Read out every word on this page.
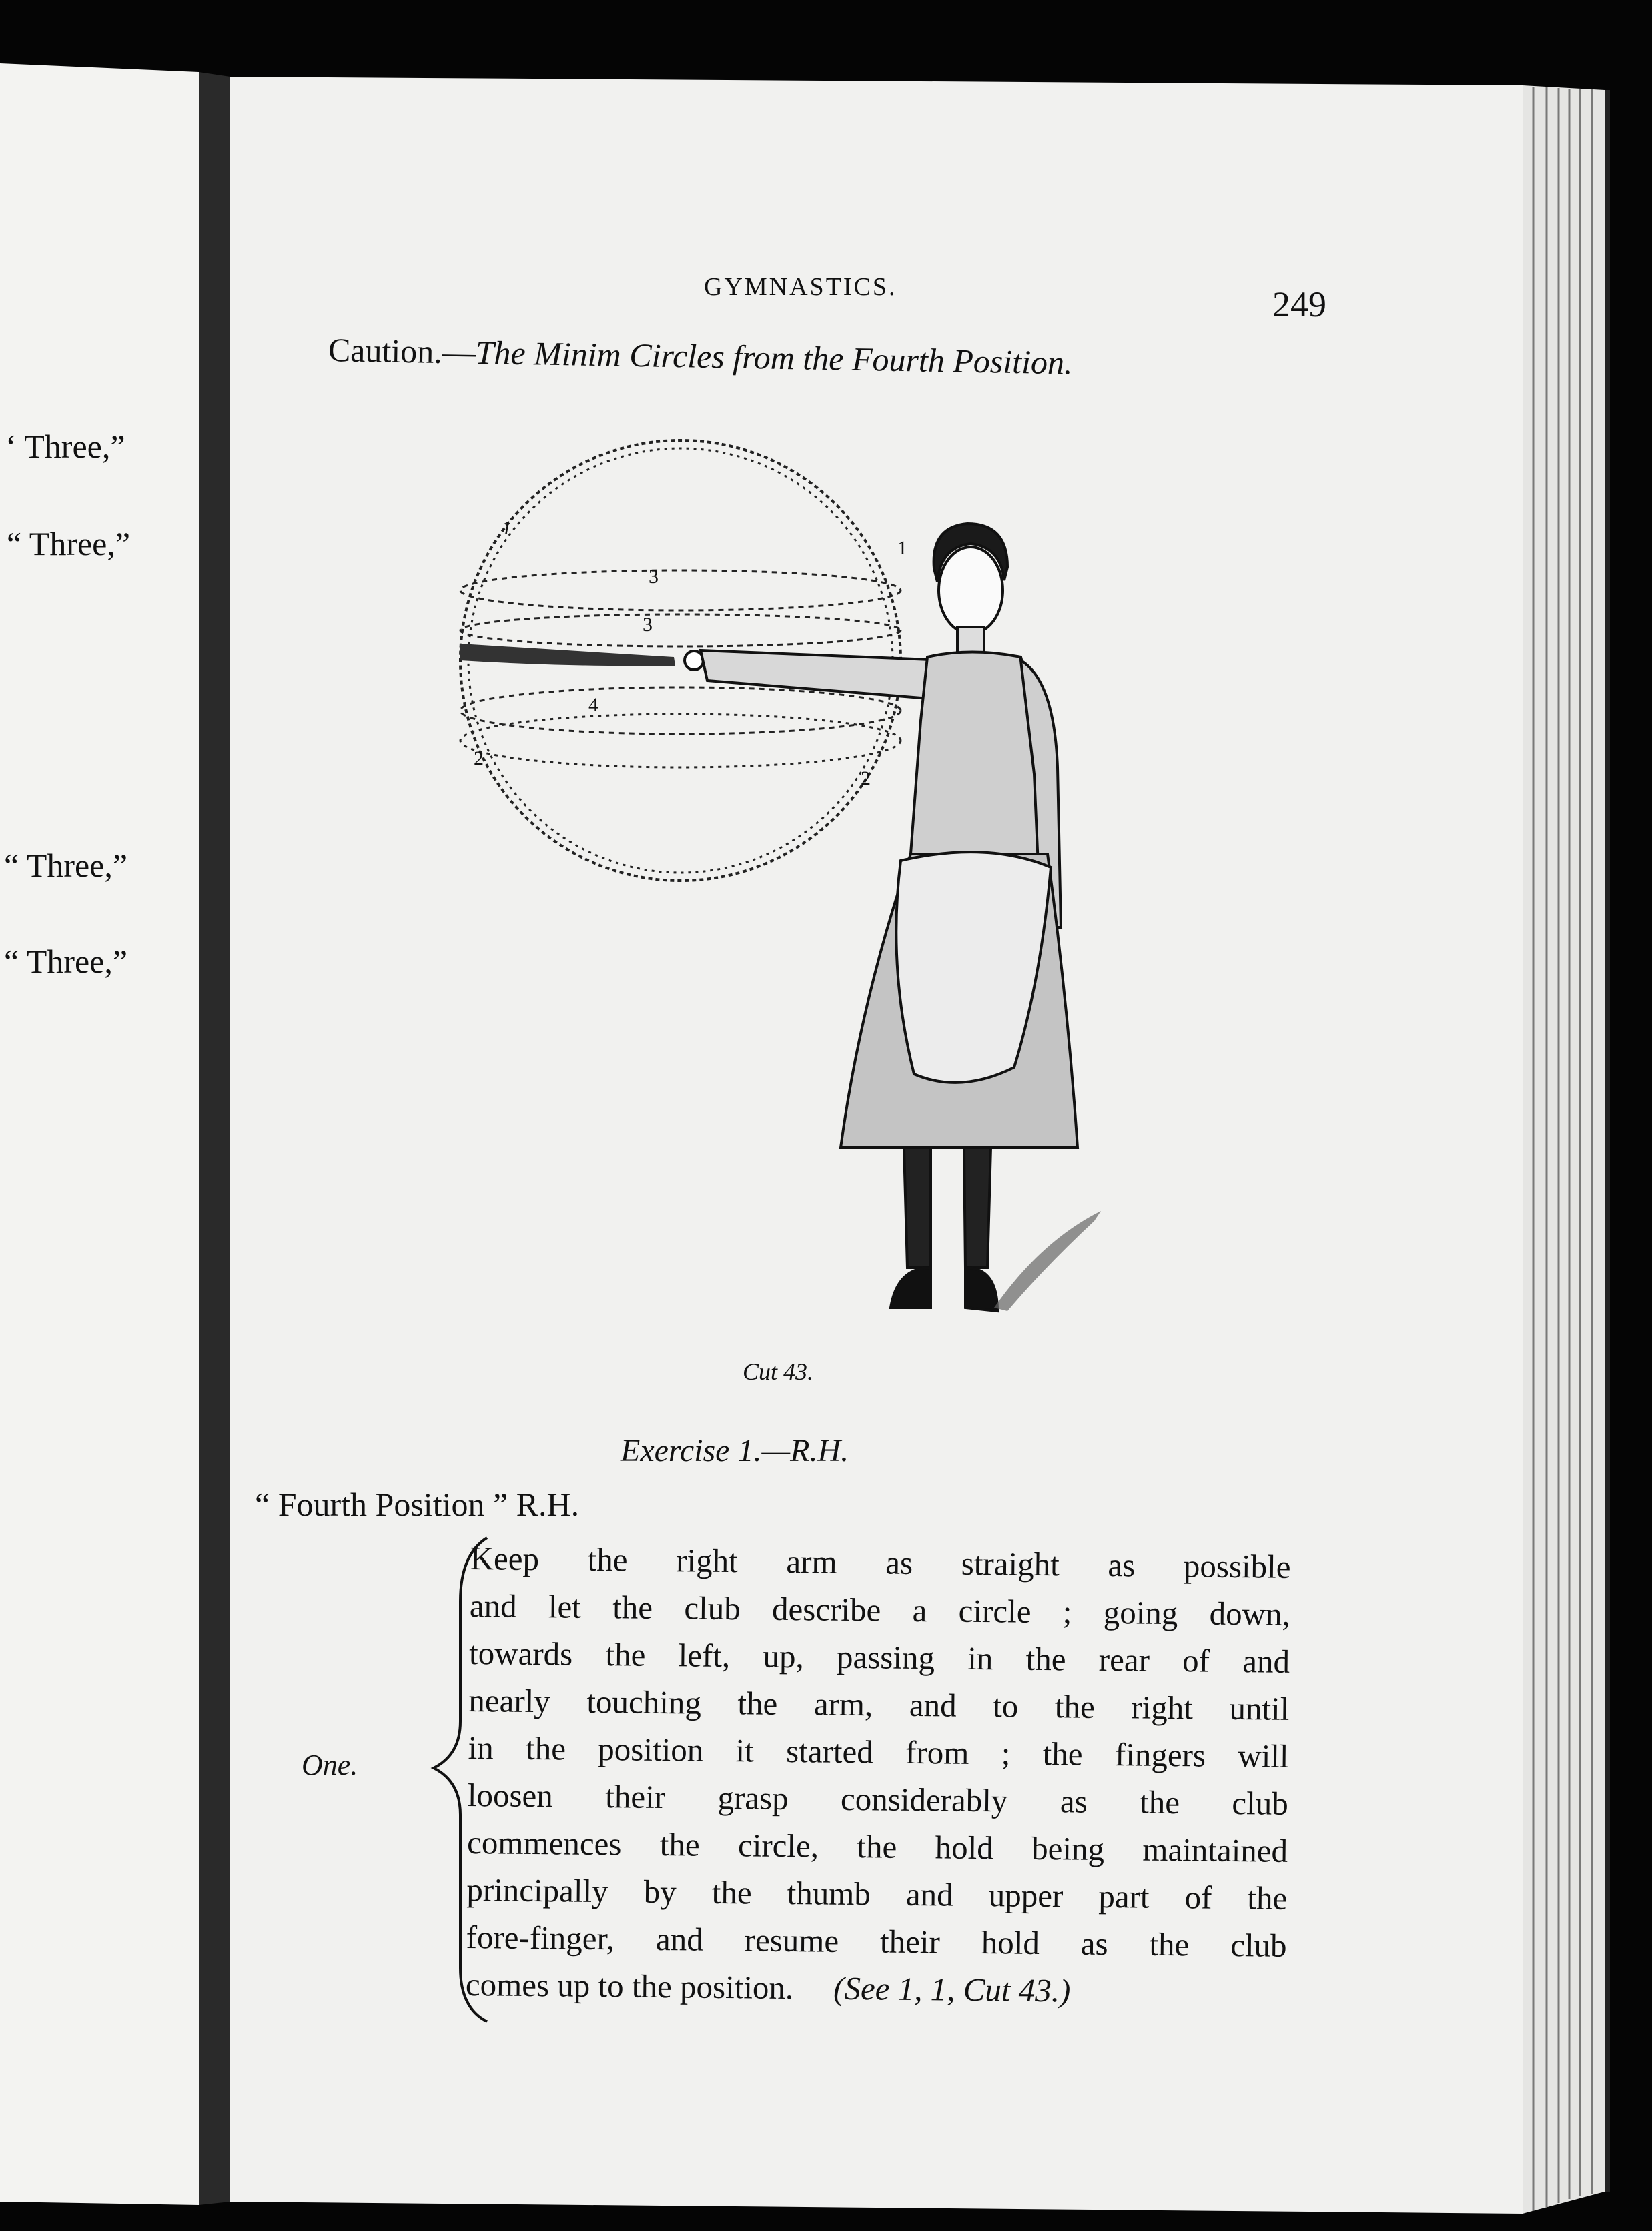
1
1
3
3
4
2
2

‘ Three,”

“ Three,”

“ Three,”

“ Three,”

GYMNASTICS.	249

Caution.—The Minim Circles from the Fourth Position.

Cut 43.

Exercise 1.—R.H.

“ Fourth Position ” R.H.

One.

Keep the right arm as straight as possible
and let the club describe a circle ; going down,
towards the left, up, passing in the rear of and
nearly touching the arm, and to the right until
in the position it started from ; the fingers will
loosen their grasp considerably as the club
commences the circle, the hold being maintained
principally by the thumb and upper part of the
fore-finger, and resume their hold as the club
comes up to the position. (See 1, 1, Cut 43.)
